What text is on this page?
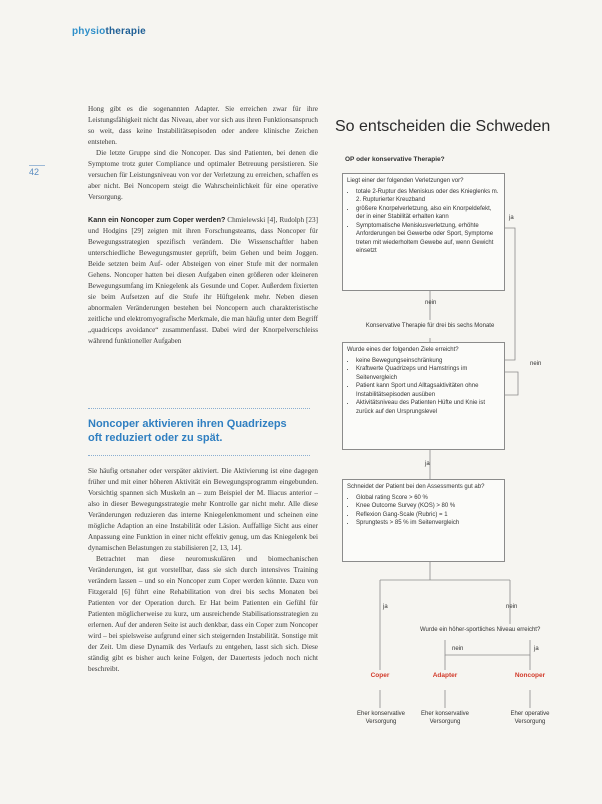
physiotherapie
42

Hong gibt es die sogenannten Adapter. Sie erreichen zwar für ihre Leistungsfähigkeit nicht das Niveau, aber vor sich aus ihren Funktionsanspruch so weit, dass keine Instabilitätsepisoden oder andere klinische Zeichen entstehen.

Die letzte Gruppe sind die Noncoper. Das sind Patienten, bei denen die Symptome trotz guter Compliance und optimaler Betreuung persistieren. Sie versuchen für Leistungsniveau von vor der Verletzung zu erreichen, schaffen es aber nicht. Bei Noncopern steigt die Wahrscheinlichkeit für eine operative Versorgung.

Kann ein Noncoper zum Coper werden? Chmielewski [4], Rudolph [23] und Hodgins [29] zeigten mit ihren Forschungsteams, dass Noncoper für Bewegungsstrategien spezifisch verändern. Die Wissenschaftler haben unterschiedliche Bewegungsmuster geprüft, beim Gehen und beim Joggen. Beide setzten beim Auf- oder Absteigen von einer Stufe mit der normalen Gehens. Noncoper hatten bei diesen Aufgaben einen größeren oder kleineren Bewegungsumfang im Kniegelenk als Gesunde und Coper. Außerdem fixierten sie beim Aufsetzen auf die Stufe ihr Hüftgelenk mehr. Neben diesen abnormalen Veränderungen bestehen bei Noncopern auch charakteristische zeitliche und elektromyografische Merkmale, die man häufig unter dem Begriff „quadriceps avoidance“ zusammenfasst. Dabei wird der Knorpelverschleiss während funktioneller Aufgaben

Noncoper aktivieren ihren Quadrizeps
oft reduziert oder zu spät.

Sie häufig ortsnaher oder verspäter aktiviert. Die Aktivierung ist eine dagegen früher und mit einer höheren Aktivität ein Bewegungsprogramm eingebunden. Vorsichtig spannen sich Muskeln an – zum Beispiel der M. Iliacus anterior – also in dieser Bewegungsstrategie mehr Kontrolle gar nicht mehr. Alle diese Veränderungen reduzieren das interne Kniegelenkmoment und scheinen eine mögliche Adaption an eine Instabilität oder Läsion. Auffallige Sicht aus einer Anpassung eine Funktion in einer nicht effektiv genug, um das Kniegelenk bei dynamischen Belastungen zu stabilisieren [2, 13, 14].

Betrachtet man diese neuromuskulären und biomechanischen Veränderungen, ist gut vorstellbar, dass sie sich durch intensives Training verändern lassen – und so ein Noncoper zum Coper werden könnte. Dazu von Fitzgerald [6] führt eine Rehabilitation von drei bis sechs Monaten bei Patienten vor der Operation durch. Er Hat beim Patienten ein Gefühl für Patienten möglicherweise zu kurz, um ausreichende Stabilisationsstrategien zu erlernen. Auf der anderen Seite ist auch denkbar, dass ein Coper zum Noncoper wird – bei spielsweise aufgrund einer sich steigernden Instabilität. Sonstige mit der Zeit. Um diese Dynamik des Verlaufs zu entgehen, lasst sich sich. Diese ständig gibt es bisher auch keine Folgen, der Dauertests jedoch noch nicht beschreibt.

So entscheiden die Schweden
OP oder konservative Therapie?
Liegt einer der folgenden Verletzungen vor?
• totale 2-Ruptur des Meniskus oder des Knieglenks m. 2. Rupturierter Kreuzband
• größere Knorpelverletzung, also ein Knorpeldefekt, der in einer Stabilität erhalten kann
• Symptomatische Meniskusverletzung, erhöhte Anforderungen bei Gewerbe oder Sport, Symptome treten mit wiederholtem Gewebe auf, wenn Gewicht einsetzt
ja
nein
Konservative Therapie für drei bis sechs Monate
Wurde eines der folgenden Ziele erreicht?
• keine Bewegungseinschränkung
• Kraftwerte Quadrizeps und Hamstrings im Seitenvergleich
• Patient kann Sport und Alltagsaktivitäten ohne Instabilitätsepisoden ausüben
• Aktivitätsniveau des Patienten Hüfte und Knie ist zurück auf den Ursprungslevel
nein
ja
Schneidet der Patient bei den Assessments gut ab?
• Global rating Score > 60 %
• Knee Outcome Survey (KOS) > 80 %
• Reflexion Gang-Scale (Rubric) = 1
• Sprungtests > 85 % im Seitenvergleich
ja	nein
Wurde ein höher-sportliches Niveau erreicht?
nein	ja
Coper	Adapter	Noncoper
Eher konservative Versorgung
Eher konservative Versorgung
Eher operative Versorgung
